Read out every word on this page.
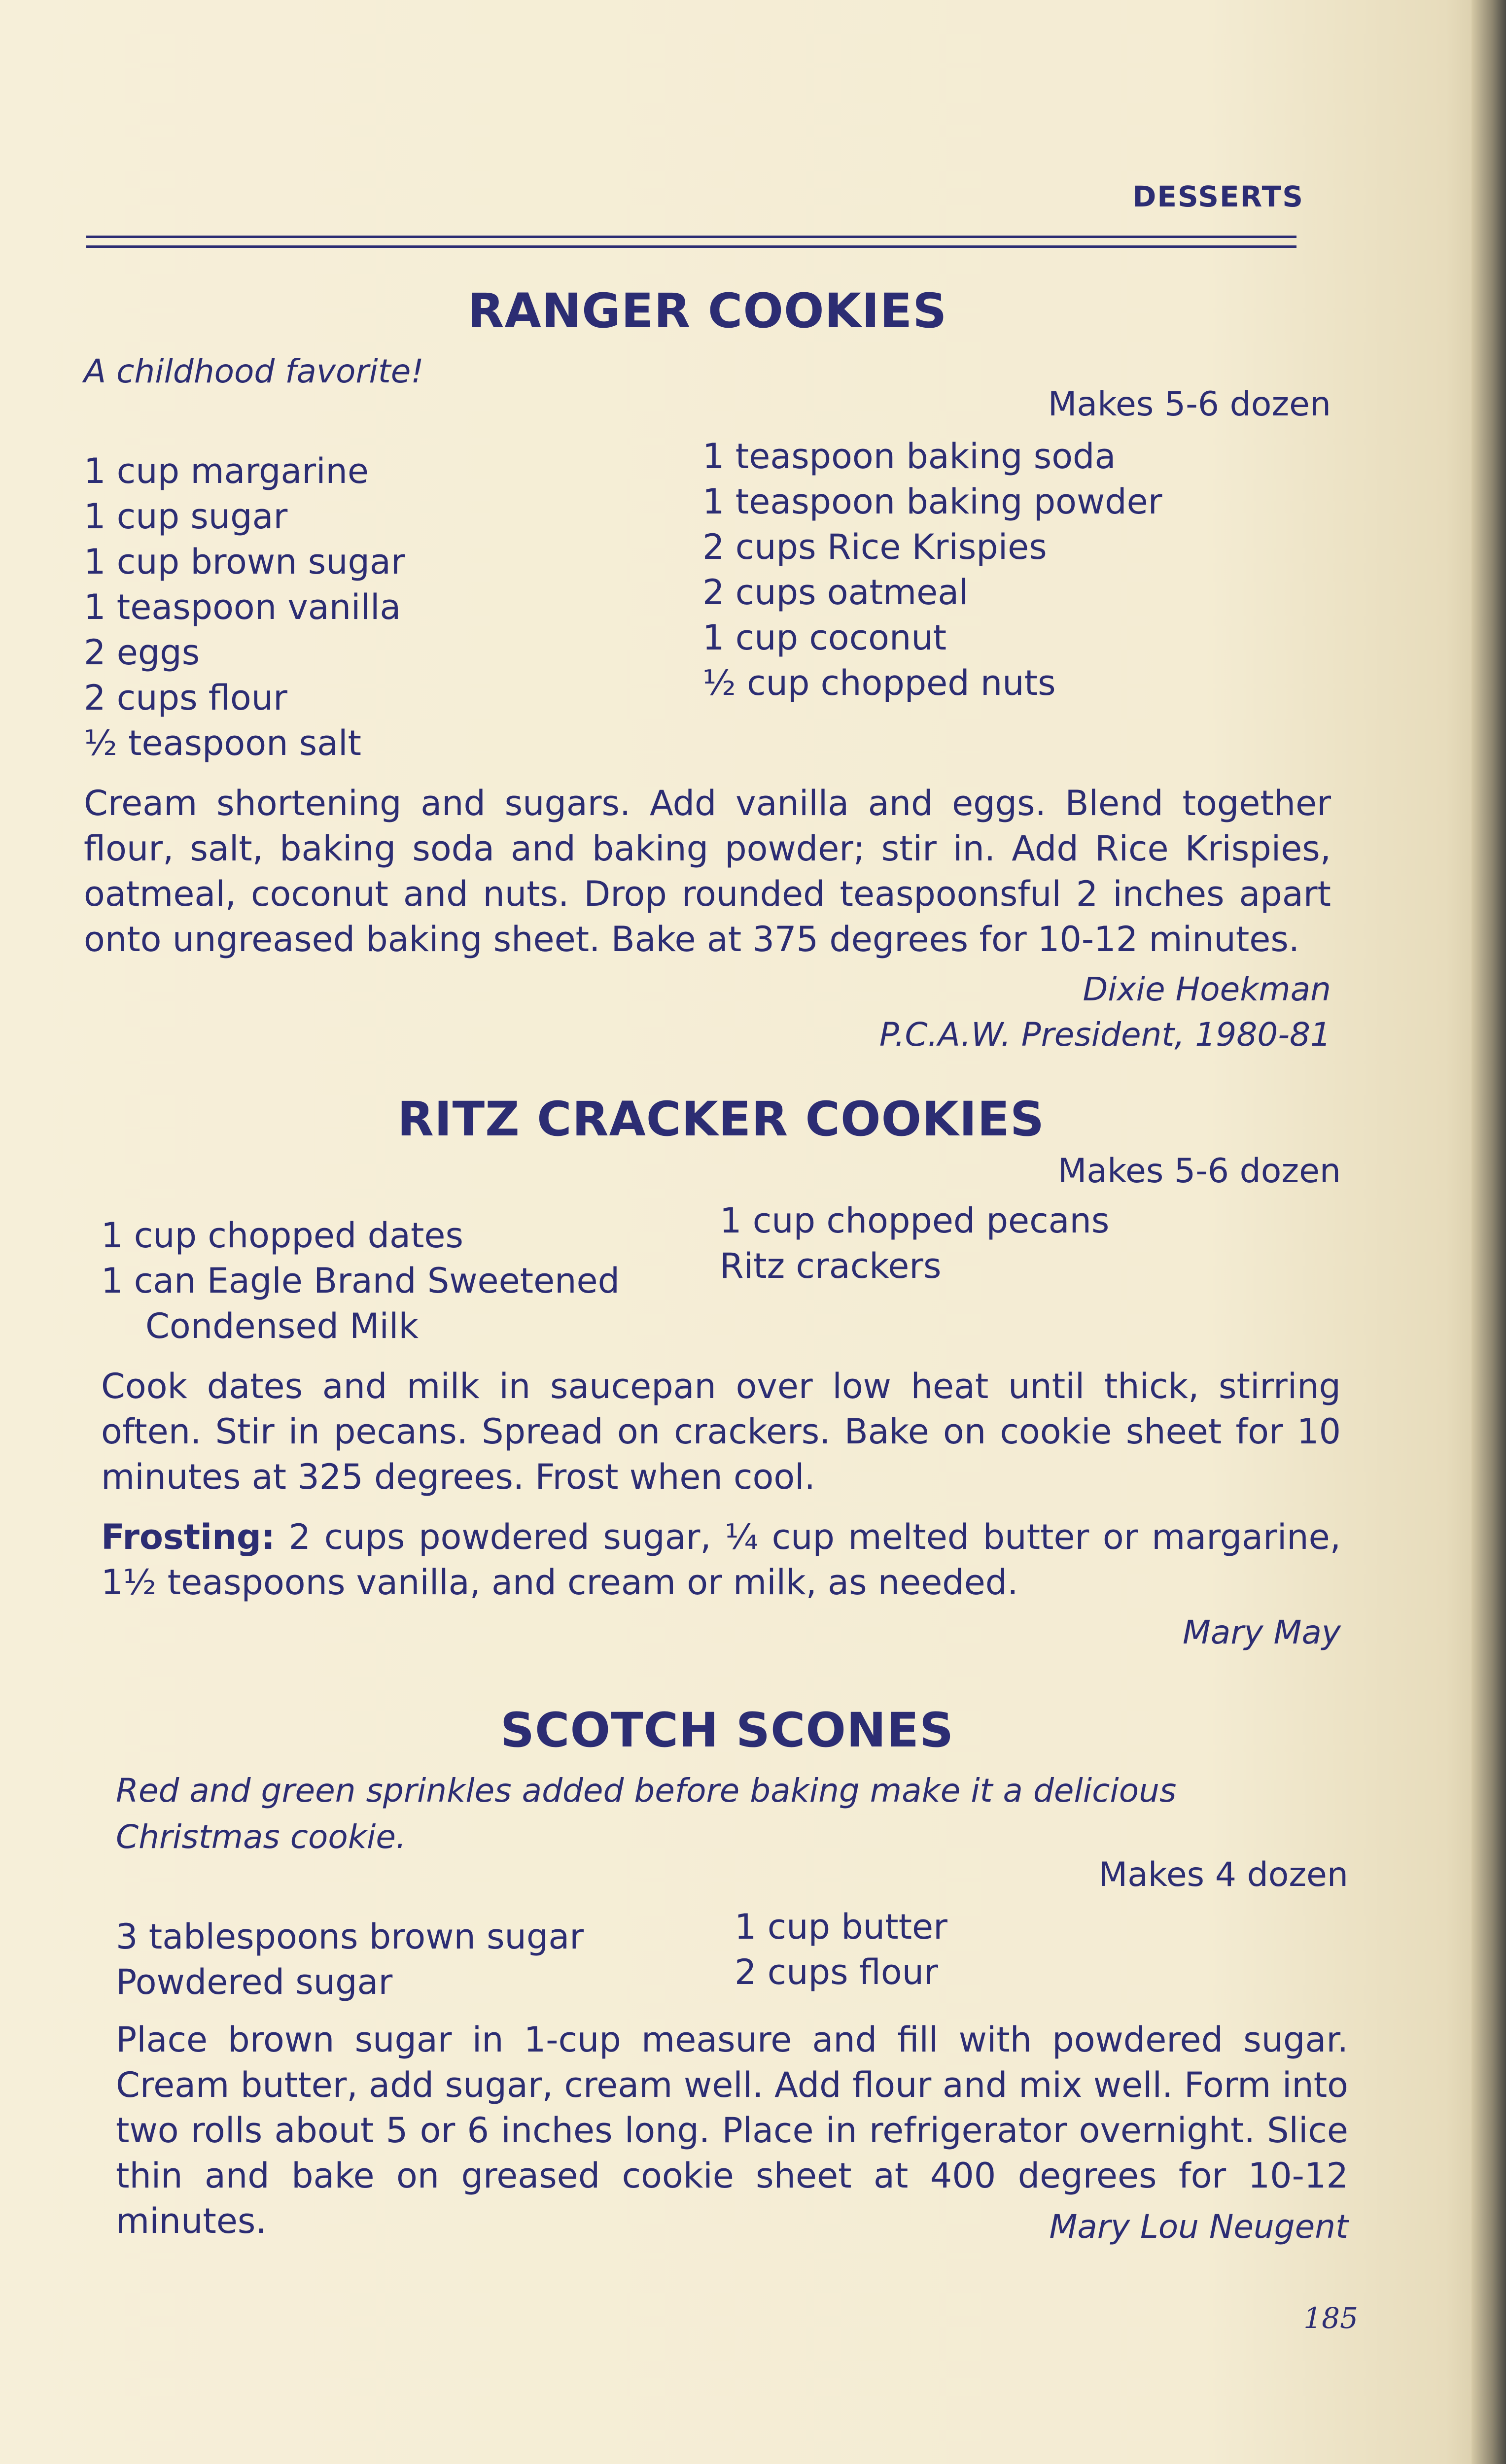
DESSERTS
RANGER COOKIES

A childhood favorite!

Makes 5-6 dozen

1 cup margarine
1 cup sugar
1 cup brown sugar
1 teaspoon vanilla
2 eggs
2 cups flour
½ teaspoon salt
1 teaspoon baking soda
1 teaspoon baking powder
2 cups Rice Krispies
2 cups oatmeal
1 cup coconut
½ cup chopped nuts

Cream shortening and sugars. Add vanilla and eggs. Blend together flour, salt, baking soda and baking powder; stir in. Add Rice Krispies, oatmeal, coconut and nuts. Drop rounded teaspoonsful 2 inches apart onto ungreased baking sheet. Bake at 375 degrees for 10-12 minutes.

Dixie Hoekman

P.C.A.W. President, 1980-81

RITZ CRACKER COOKIES

Makes 5-6 dozen

1 cup chopped dates
1 can Eagle Brand Sweetened
Condensed Milk
1 cup chopped pecans
Ritz crackers

Cook dates and milk in saucepan over low heat until thick, stirring often. Stir in pecans. Spread on crackers. Bake on cookie sheet for 10 minutes at 325 degrees. Frost when cool.

Frosting: 2 cups powdered sugar, ¼ cup melted butter or margarine, 1½ teaspoons vanilla, and cream or milk, as needed.

Mary May

SCOTCH SCONES

Red and green sprinkles added before baking make it a delicious Christmas cookie.

Makes 4 dozen

3 tablespoons brown sugar
Powdered sugar
1 cup butter
2 cups flour

Place brown sugar in 1-cup measure and fill with powdered sugar. Cream butter, add sugar, cream well. Add flour and mix well. Form into two rolls about 5 or 6 inches long. Place in refrigerator overnight. Slice thin and bake on greased cookie sheet at 400 degrees for 10-12 minutes.	Mary Lou Neugent

185
